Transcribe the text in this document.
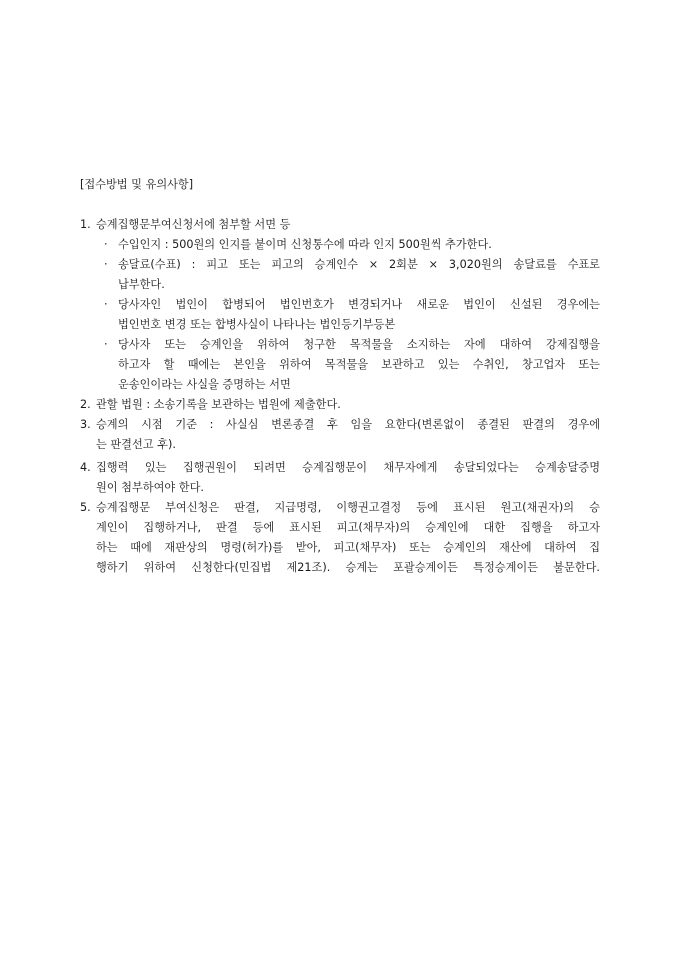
[접수방법 및 유의사항]
1. 승계집행문부여신청서에 첨부할 서면 등
· 수입인지 : 500원의 인지를 붙이며 신청통수에 따라 인지 500원씩 추가한다.
· 송달료(수표) : 피고 또는 피고의 승계인수 × 2회분 × 3,020원의 송달료를 수표로
납부한다.
· 당사자인 법인이 합병되어 법인번호가 변경되거나 새로운 법인이 신설된 경우에는
법인번호 변경 또는 합병사실이 나타나는 법인등기부등본
· 당사자 또는 승계인을 위하여 청구한 목적물을 소지하는 자에 대하여 강제집행을
하고자 할 때에는 본인을 위하여 목적물을 보관하고 있는 수취인, 창고업자 또는
운송인이라는 사실을 증명하는 서면
2. 관할 법원 : 소송기록을 보관하는 법원에 제출한다.
3. 승계의 시점 기준 : 사실심 변론종결 후 임을 요한다(변론없이 종결된 판결의 경우에
는 판결선고 후).
4. 집행력 있는 집행권원이 되려면 승계집행문이 채무자에게 송달되었다는 승계송달증명
원이 첨부하여야 한다.
5. 승계집행문 부여신청은 판결, 지급명령, 이행권고결정 등에 표시된 원고(채권자)의 승
계인이 집행하거나, 판결 등에 표시된 피고(채무자)의 승계인에 대한 집행을 하고자
하는 때에 재판상의 명령(허가)를 받아, 피고(채무자) 또는 승계인의 재산에 대하여 집
행하기 위하여 신청한다(민집법 제21조). 승계는 포괄승계이든 특정승계이든 불문한다.
